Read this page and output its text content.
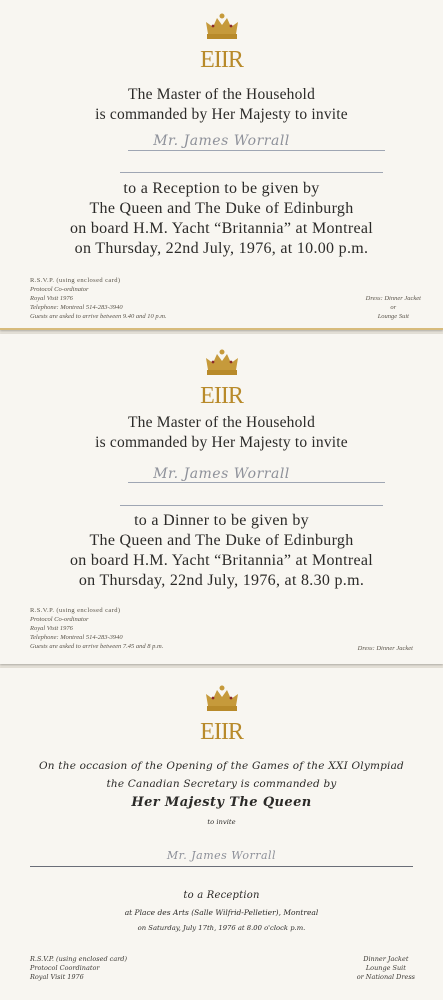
EIIR
The Master of the Household
is commanded by Her Majesty to invite
Mr. James Worrall
to a Reception to be given by
The Queen and The Duke of Edinburgh
on board H.M. Yacht “Britannia” at Montreal
on Thursday, 22nd July, 1976, at 10.00 p.m.
R.S.V.P. (using enclosed card)
Protocol Co-ordinator
Royal Visit 1976
Telephone: Montreal 514-283-3940
Guests are asked to arrive between 9.40 and 10 p.m.
Dress: Dinner Jacket
or
Lounge Suit
EIIR
The Master of the Household
is commanded by Her Majesty to invite
Mr. James Worrall
to a Dinner to be given by
The Queen and The Duke of Edinburgh
on board H.M. Yacht “Britannia” at Montreal
on Thursday, 22nd July, 1976, at 8.30 p.m.
R.S.V.P. (using enclosed card)
Protocol Co-ordinator
Royal Visit 1976
Telephone: Montreal 514-283-3940
Guests are asked to arrive between 7.45 and 8 p.m.	Dress: Dinner Jacket
EIIR
On the occasion of the Opening of the Games of the XXI Olympiad
the Canadian Secretary is commanded by
Her Majesty The Queen
to invite
Mr. James Worrall
to a Reception
at Place des Arts (Salle Wilfrid-Pelletier), Montreal
on Saturday, July 17th, 1976 at 8.00 o'clock p.m.
R.S.V.P. (using enclosed card)
Protocol Coordinator
Royal Visit 1976
Dinner Jacket
Lounge Suit
or National Dress
